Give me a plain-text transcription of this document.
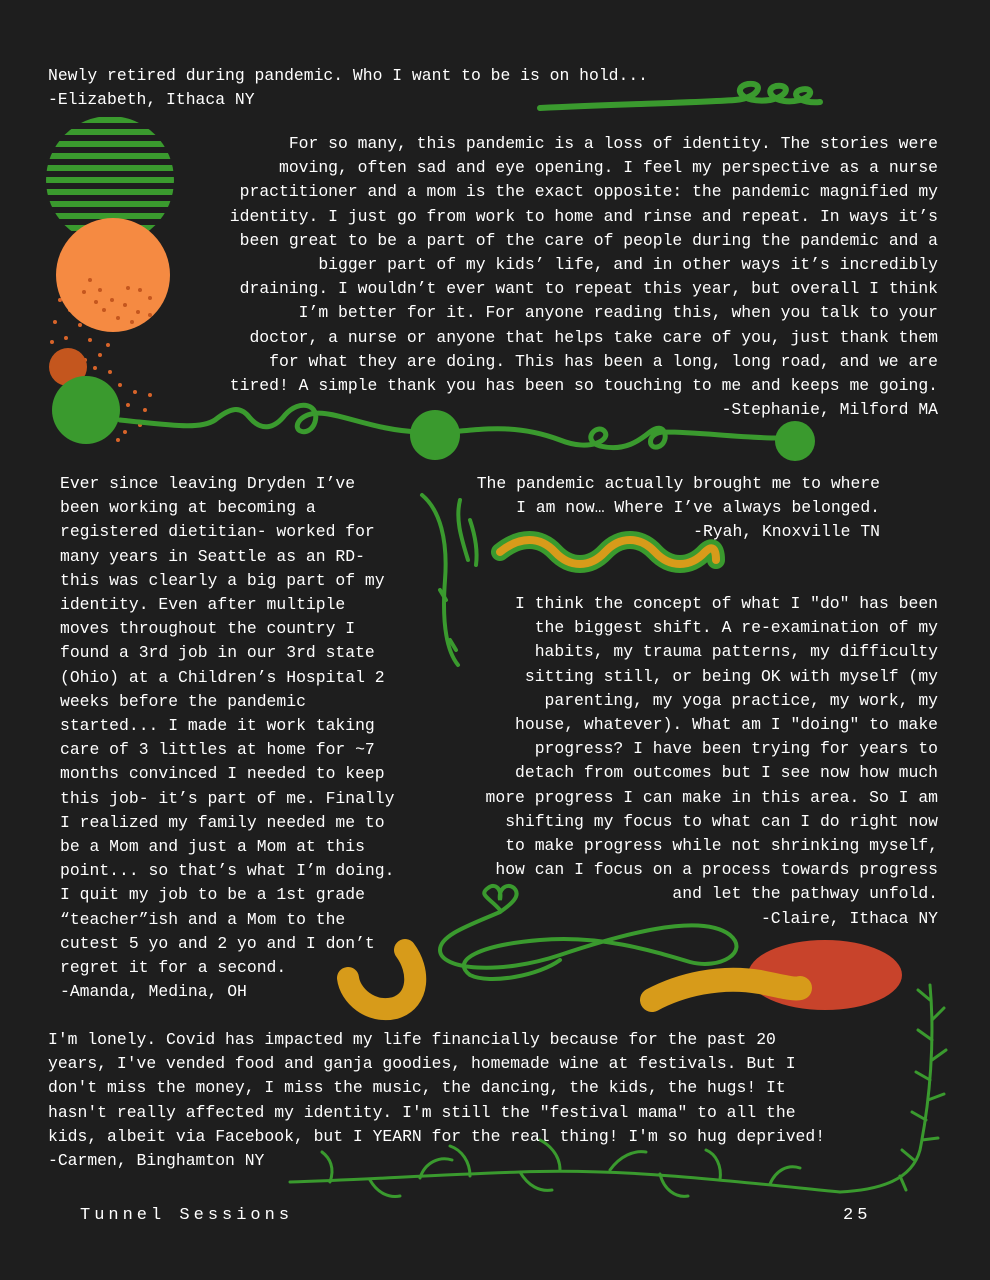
Newly retired during pandemic. Who I want to be is on hold...
-Elizabeth, Ithaca NY
For so many, this pandemic is a loss of identity. The stories were
moving, often sad and eye opening. I feel my perspective as a nurse
practitioner and a mom is the exact opposite: the pandemic magnified my
identity. I just go from work to home and rinse and repeat. In ways it’s
been great to be a part of the care of people during the pandemic and a
bigger part of my kids’ life, and in other ways it’s incredibly
draining. I wouldn’t ever want to repeat this year, but overall I think
I’m better for it. For anyone reading this, when you talk to your
doctor, a nurse or anyone that helps take care of you, just thank them
for what they are doing. This has been a long, long road, and we are
tired! A simple thank you has been so touching to me and keeps me going.
-Stephanie, Milford MA
Ever since leaving Dryden I’ve
been working at becoming a
registered dietitian- worked for
many years in Seattle as an RD-
this was clearly a big part of my
identity. Even after multiple
moves throughout the country I
found a 3rd job in our 3rd state
(Ohio) at a Children’s Hospital 2
weeks before the pandemic
started... I made it work taking
care of 3 littles at home for ~7
months convinced I needed to keep
this job- it’s part of me. Finally
I realized my family needed me to
be a Mom and just a Mom at this
point... so that’s what I’m doing.
I quit my job to be a 1st grade
“teacher”ish and a Mom to the
cutest 5 yo and 2 yo and I don’t
regret it for a second.
-Amanda, Medina, OH
The pandemic actually brought me to where
I am now… Where I’ve always belonged.
-Ryah, Knoxville TN
I think the concept of what I "do" has been
the biggest shift. A re-examination of my
habits, my trauma patterns, my difficulty
sitting still, or being OK with myself (my
parenting, my yoga practice, my work, my
house, whatever). What am I "doing" to make
progress? I have been trying for years to
detach from outcomes but I see now how much
more progress I can make in this area. So I am
shifting my focus to what can I do right now
to make progress while not shrinking myself,
how can I focus on a process towards progress
and let the pathway unfold.
-Claire, Ithaca NY
I'm lonely. Covid has impacted my life financially because for the past 20
years, I've vended food and ganja goodies, homemade wine at festivals. But I
don't miss the money, I miss the music, the dancing, the kids, the hugs! It
hasn't really affected my identity. I'm still the "festival mama" to all the
kids, albeit via Facebook, but I YEARN for the real thing! I'm so hug deprived!
-Carmen, Binghamton NY
Tunnel Sessions	25
